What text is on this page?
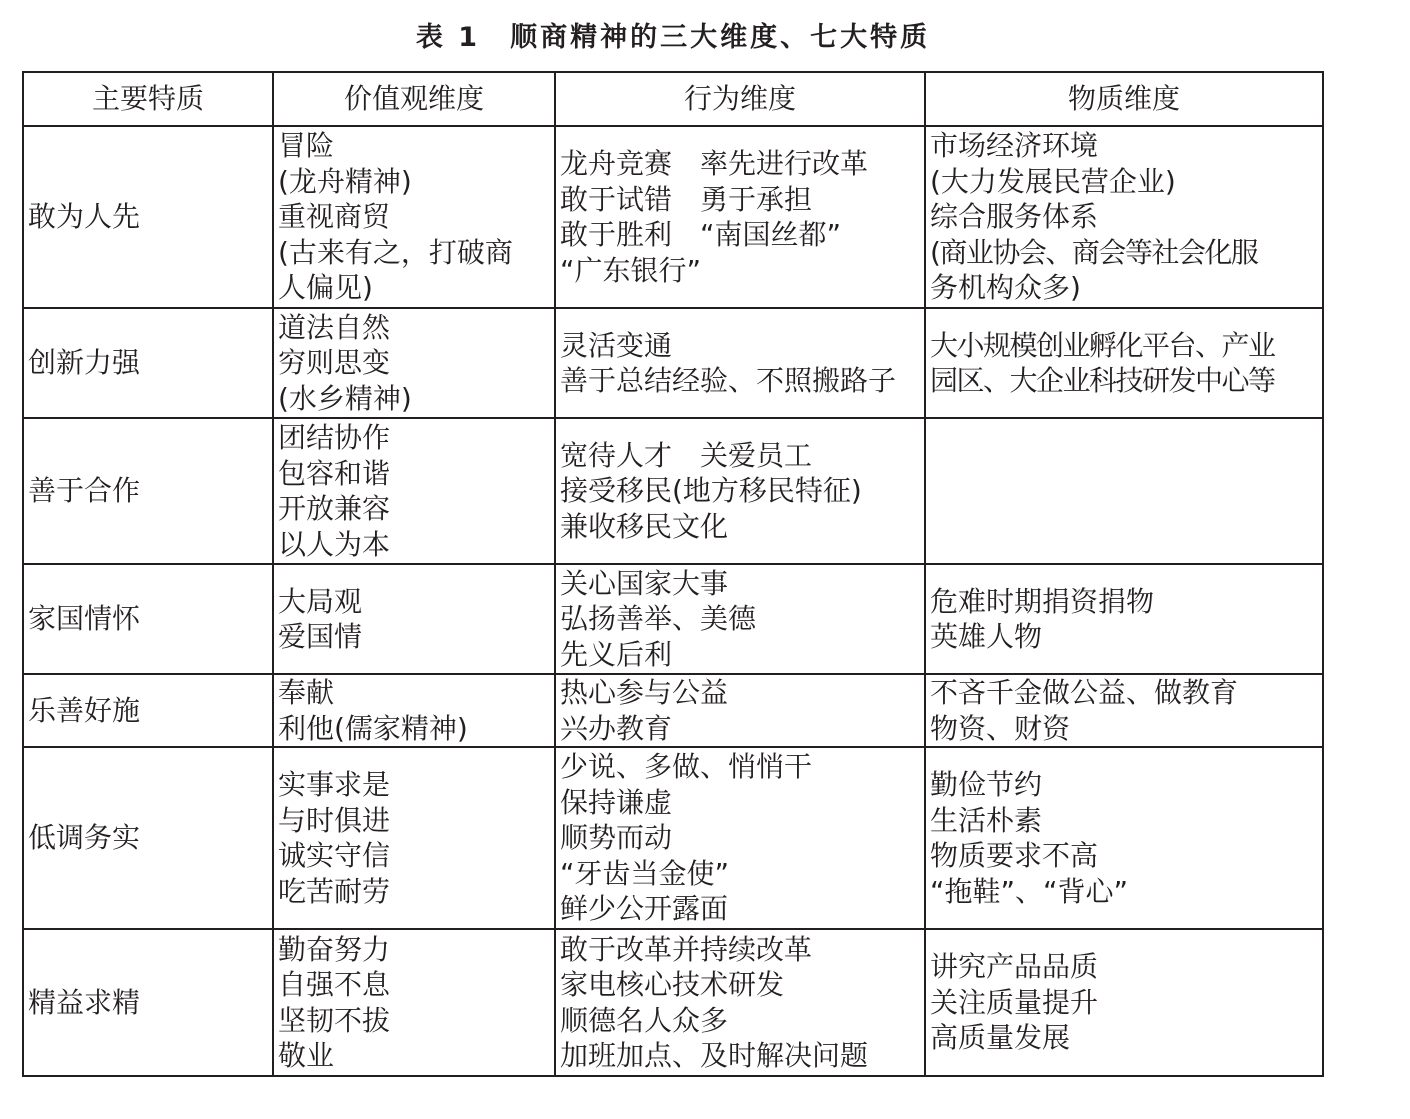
表 1　顺商精神的三大维度、七大特质
主要特质	价值观维度	行为维度	物质维度
敢为人先	冒险
(龙舟精神)
重视商贸
(古来有之，打破商
人偏见)	龙舟竞赛　率先进行改革
敢于试错　勇于承担
敢于胜利　“南国丝都”
“广东银行”	市场经济环境
(大力发展民营企业)
综合服务体系
(商业协会、商会等社会化服
务机构众多)

创新力强	道法自然
穷则思变
(水乡精神)	灵活变通
善于总结经验、不照搬路子	大小规模创业孵化平台、产业
园区、大企业科技研发中心等

善于合作	团结协作
包容和谐
开放兼容
以人为本	宽待人才　关爱员工
接受移民(地方移民特征)
兼收移民文化	

家国情怀	大局观
爱国情	关心国家大事
弘扬善举、美德
先义后利	危难时期捐资捐物
英雄人物

乐善好施	奉献
利他(儒家精神)	热心参与公益
兴办教育	不吝千金做公益、做教育
物资、财资

低调务实	实事求是
与时俱进
诚实守信
吃苦耐劳	少说、多做、悄悄干
保持谦虚
顺势而动
“牙齿当金使”
鲜少公开露面	勤俭节约
生活朴素
物质要求不高
“拖鞋”、“背心”

精益求精	勤奋努力
自强不息
坚韧不拔
敬业	敢于改革并持续改革
家电核心技术研发
顺德名人众多
加班加点、及时解决问题	讲究产品品质
关注质量提升
高质量发展
